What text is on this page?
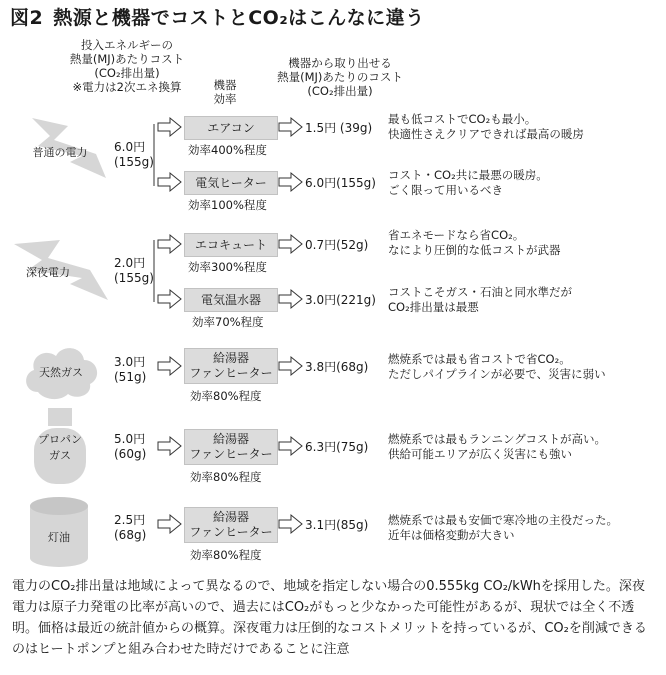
図2 熱源と機器でコストとCO₂はこんなに違う
投入エネルギーの
熱量(MJ)あたりコスト
(CO₂排出量)
※電力は2次エネ換算	機器
効率
機器から取り出せる
熱量(MJ)あたりのコスト
(CO₂排出量)
普通の電力
深夜電力
天然ガス
プロパン
ガス
灯油
6.0円
(155g)
2.0円
(155g)
3.0円
(51g)
5.0円
(60g)
2.5円
(68g)
エアコン
電気ヒーター
エコキュート
電気温水器
給湯器
ファンヒーター
給湯器
ファンヒーター
給湯器
ファンヒーター
効率400%程度
効率100%程度
効率300%程度
効率70%程度
効率80%程度
効率80%程度
効率80%程度
1.5円 (39g)
6.0円(155g)
0.7円(52g)
3.0円(221g)
3.8円(68g)
6.3円(75g)
3.1円(85g)
最も低コストでCO₂も最小。
快適性さえクリアできれば最高の暖房
コスト・CO₂共に最悪の暖房。
ごく限って用いるべき
省エネモードなら省CO₂。
なにより圧倒的な低コストが武器
コストこそガス・石油と同水準だが
CO₂排出量は最悪
燃焼系では最も省コストで省CO₂。
ただしパイプラインが必要で、災害に弱い
燃焼系では最もランニングコストが高い。
供給可能エリアが広く災害にも強い
燃焼系では最も安価で寒冷地の主役だった。
近年は価格変動が大きい
電力のCO₂排出量は地域によって異なるので、地域を指定しない場合の0.555kg CO₂/kWhを採用した。深夜電力は原子力発電の比率が高いので、過去にはCO₂がもっと少なかった可能性があるが、現状では全く不透明。価格は最近の統計値からの概算。深夜電力は圧倒的なコストメリットを持っているが、CO₂を削減できるのはヒートポンプと組み合わせた時だけであることに注意
